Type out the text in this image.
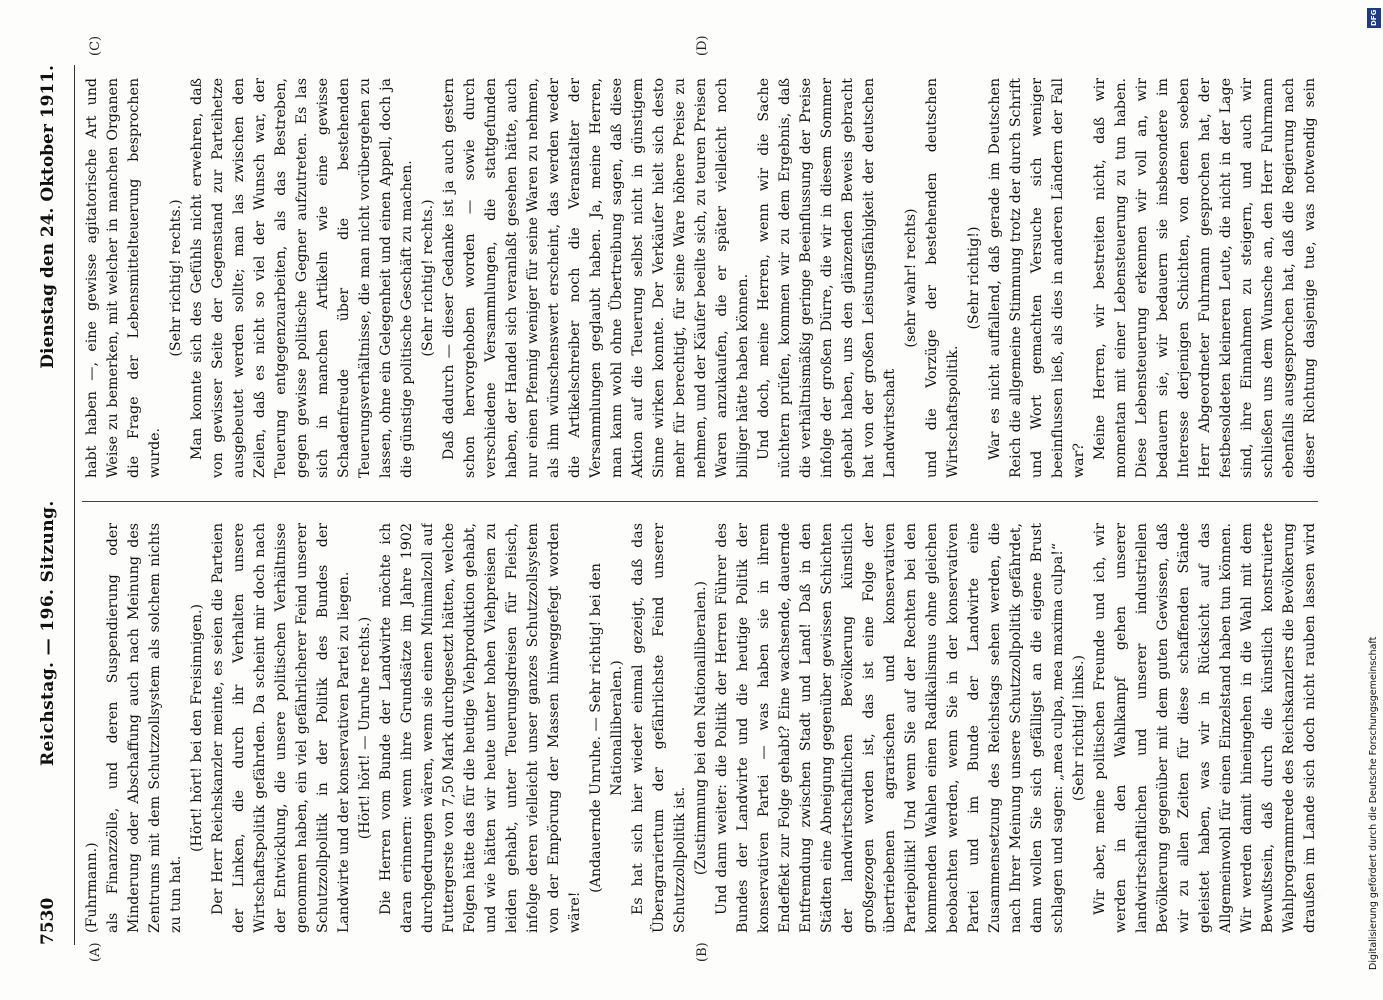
7530
Reichstag. — 196. Sitzung.
Dienstag den 24. Oktober 1911.
(A)	(B)
(C)	(D)

(Fuhrmann.) als Finanzzölle, und deren Suspendierung oder Minderung oder Abschaffung auch nach Meinung des Zentrums mit dem Schutzzollsystem als solchem nichts zu tun hat.

(Hört! hört! bei den Freisinnigen.) Der Herr Reichskanzler meinte, es seien die Parteien der Linken, die durch ihr Verhalten unsere Wirtschaftspolitik gefährden. Da scheint mir doch nach der Entwicklung, die unsere politischen Verhältnisse genommen haben, ein viel gefährlicherer Feind unserer Schutzzollpolitik in der Politik des Bundes der Landwirte und der konservativen Partei zu liegen. (Hört! hört! — Unruhe rechts.) Die Herren vom Bunde der Landwirte möchte ich daran erinnern: wenn ihre Grundsätze im Jahre 1902 durchgedrungen wären, wenn sie einen Minimalzoll auf Futtergerste von 7,50 Mark durchgesetzt hätten, welche Folgen hätte das für die heutige Viehproduktion gehabt, und wie hätten wir heute unter hohen Viehpreisen zu leiden gehabt, unter Teuerungsdreisen für Fleisch, infolge deren vielleicht unser ganzes Schutzzollsystem von der Empörung der Massen hinweggefegt worden wäre!

(Andauernde Unruhe. — Sehr richtig! bei den Nationalliberalen.) Es hat sich hier wieder einmal gezeigt, daß das Überagrariertum der gefährlichste Feind unserer Schutzzollpolitik ist. (Zustimmung bei den Nationalliberalen.) Und dann weiter: die Politik der Herren Führer des Bundes der Landwirte und die heutige Politik der konservativen Partei — was haben sie in ihrem Endeffekt zur Folge gehabt? Eine wachsende, dauernde Entfremdung zwischen Stadt und Land! Daß in den Städten eine Abneigung gegenüber gewissen Schichten der landwirtschaftlichen Bevölkerung künstlich großgezogen worden ist, das ist eine Folge der übertriebenen agrarischen und konservativen Parteipolitik! Und wenn Sie auf der Rechten bei den kommenden Wahlen einen Radikalismus ohne gleichen beobachten werden, wenn Sie in der konservativen Partei und im Bunde der Landwirte eine Zusammensetzung des Reichstags sehen werden, die nach Ihrer Meinung unsere Schutzzollpolitik gefährdet, dann wollen Sie sich gefälligst an die eigene Brust schlagen und sagen: „mea culpa, mea maxima culpa!“ (Sehr richtig! links.)

Wir aber, meine politischen Freunde und ich, wir werden in den Wahlkampf gehen unserer landwirtschaftlichen und unserer industriellen Bevölkerung gegenüber mit dem guten Gewissen, daß wir zu allen Zeiten für diese schaffenden Stände geleistet haben, was wir in Rücksicht auf das Allgemeinwohl für einen Einzelstand haben tun können. Wir werden damit hineingehen in die Wahl mit dem Bewußtsein, daß durch die künstlich konstruierte Wahlprogrammrede des Reichskanzlers die Bevölkerung draußen im Lande sich doch nicht rauben lassen wird

habt haben —, eine gewisse agitatorische Art und Weise zu bemerken, mit welcher in manchen Organen die Frage der Lebensmittelteuerung besprochen wurde.

(Sehr richtig! rechts.) Man konnte sich des Gefühls nicht erwehren, daß von gewisser Seite der Gegenstand zur Parteihetze ausgebeutet werden sollte; man las zwischen den Zeilen, daß es nicht so viel der Wunsch war, der Teuerung entgegenzuarbeiten, als das Bestreben, gegen gewisse politische Gegner aufzutreten. Es las sich in manchen Artikeln wie eine gewisse Schadenfreude über die bestehenden Teuerungsverhältnisse, die man nicht vorübergehen zu lassen, ohne ein Gelegenheit und einen Appell, doch ja die günstige politische Geschäft zu machen. (Sehr richtig! rechts.) Daß dadurch — dieser Gedanke ist ja auch gestern schon hervorgehoben worden — sowie durch verschiedene Versammlungen, die stattgefunden haben, der Handel sich veranlaßt gesehen hätte, auch nur einen Pfennig weniger für seine Waren zu nehmen, als ihm wünschenswert erscheint, das werden weder die Artikelschreiber noch die Veranstalter der Versammlungen geglaubt haben. Ja, meine Herren, man kann wohl ohne Übertreibung sagen, daß diese Aktion auf die Teuerung selbst nicht in günstigem Sinne wirken konnte. Der Verkäufer hielt sich desto mehr für berechtigt, für seine Ware höhere Preise zu nehmen, und der Käufer beeilte sich, zu teuren Preisen Waren anzukaufen, die er später vielleicht noch billiger hätte haben können. Und doch, meine Herren, wenn wir die Sache nüchtern prüfen, kommen wir zu dem Ergebnis, daß die verhältnismäßig geringe Beeinflussung der Preise infolge der großen Dürre, die wir in diesem Sommer gehabt haben, uns den glänzenden Beweis gebracht hat von der großen Leistungsfähigkeit der deutschen Landwirtschaft

(sehr wahr! rechts) und die Vorzüge der bestehenden deutschen Wirtschaftspolitik.

(Sehr richtig!) War es nicht auffallend, daß gerade im Deutschen Reich die allgemeine Stimmung trotz der durch Schrift und Wort gemachten Versuche sich weniger beeinflussen ließ, als dies in anderen Ländern der Fall war?

Meine Herren, wir bestreiten nicht, daß wir momentan mit einer Lebensteuerung zu tun haben. Diese Lebensteuerung erkennen wir voll an, wir bedauern sie, wir bedauern sie insbesondere im Interesse derjenigen Schichten, von denen soeben Herr Abgeordneter Fuhrmann gesprochen hat, der festbesoldeten kleineren Leute, die nicht in der Lage sind, ihre Einnahmen zu steigern, und auch wir schließen uns dem Wunsche an, den Herr Fuhrmann ebenfalls ausgesprochen hat, daß die Regierung nach dieser Richtung dasjenige tue, was notwendig sein

DFG
Digitalisierung gefördert durch die Deutsche Forschungsgemeinschaft
